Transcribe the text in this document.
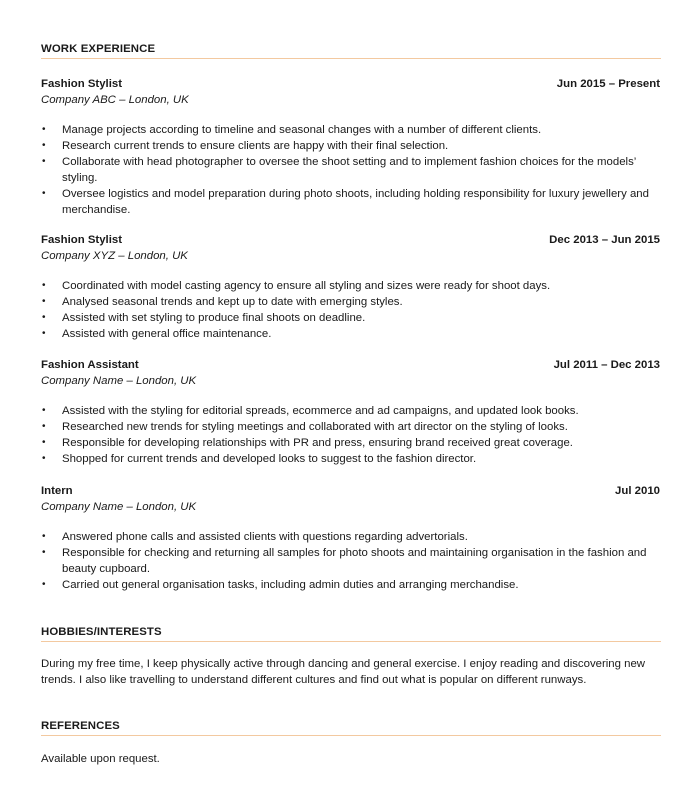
WORK EXPERIENCE
Fashion Stylist	Jun 2015 – Present
Company ABC – London, UK
• Manage projects according to timeline and seasonal changes with a number of different clients.
• Research current trends to ensure clients are happy with their final selection.
• Collaborate with head photographer to oversee the shoot setting and to implement fashion choices for the models’ styling.
• Oversee logistics and model preparation during photo shoots, including holding responsibility for luxury jewellery and merchandise.
Fashion Stylist	Dec 2013 – Jun 2015
Company XYZ – London, UK
• Coordinated with model casting agency to ensure all styling and sizes were ready for shoot days.
• Analysed seasonal trends and kept up to date with emerging styles.
• Assisted with set styling to produce final shoots on deadline.
• Assisted with general office maintenance.
Fashion Assistant	Jul 2011 – Dec 2013
Company Name – London, UK
• Assisted with the styling for editorial spreads, ecommerce and ad campaigns, and updated look books.
• Researched new trends for styling meetings and collaborated with art director on the styling of looks.
• Responsible for developing relationships with PR and press, ensuring brand received great coverage.
• Shopped for current trends and developed looks to suggest to the fashion director.
Intern	Jul 2010
Company Name – London, UK
• Answered phone calls and assisted clients with questions regarding advertorials.
• Responsible for checking and returning all samples for photo shoots and maintaining organisation in the fashion and beauty cupboard.
• Carried out general organisation tasks, including admin duties and arranging merchandise.
HOBBIES/INTERESTS
During my free time, I keep physically active through dancing and general exercise. I enjoy reading and discovering new trends. I also like travelling to understand different cultures and find out what is popular on different runways.
REFERENCES
Available upon request.
